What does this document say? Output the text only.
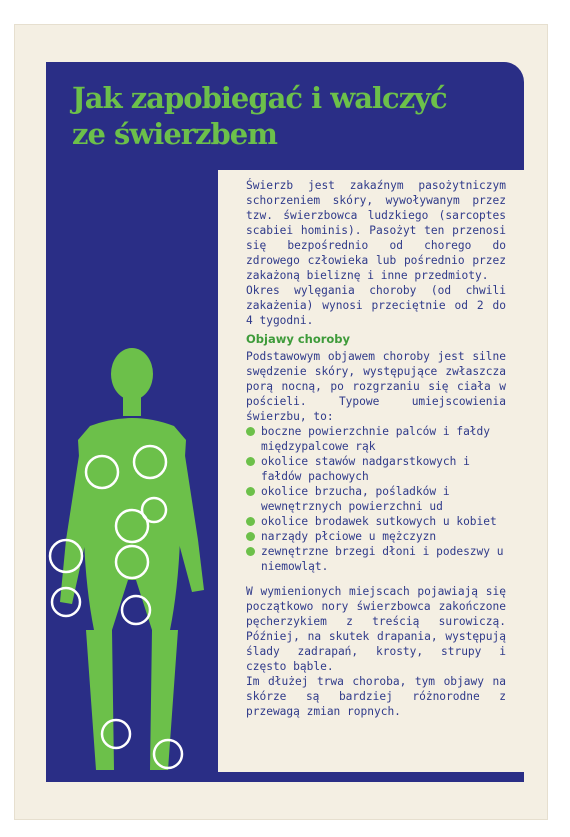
Jak zapobiegać i walczyć
ze świerzbem

Świerzb jest zakaźnym pasożytniczym schorzeniem skóry, wywoływanym przez tzw. świerzbowca ludzkiego (sarcoptes scabiei hominis). Pasożyt ten przenosi się bezpośrednio od chorego do zdrowego człowieka lub pośrednio przez zakażoną bieliznę i inne przedmioty.

Okres wylęgania choroby (od chwili zakażenia) wynosi przeciętnie od 2 do 4 tygodni.

Objawy choroby

Podstawowym objawem choroby jest silne swędzenie skóry, występujące zwłaszcza porą nocną, po rozgrzaniu się ciała w pościeli. Typowe umiejscowienia świerzbu, to:

boczne powierzchnie palców i fałdy międzypalcowe rąk
okolice stawów nadgarstkowych i fałdów pachowych
okolice brzucha, pośladków i wewnętrznych powierzchni ud
okolice brodawek sutkowych u kobiet
narządy płciowe u mężczyzn
zewnętrzne brzegi dłoni i podeszwy u niemowląt.

W wymienionych miejscach pojawiają się początkowo nory świerzbowca zakończone pęcherzykiem z treścią surowiczą. Później, na skutek drapania, występują ślady zadrapań, krosty, strupy i często bąble.

Im dłużej trwa choroba, tym objawy na skórze są bardziej różnorodne z przewagą zmian ropnych.
